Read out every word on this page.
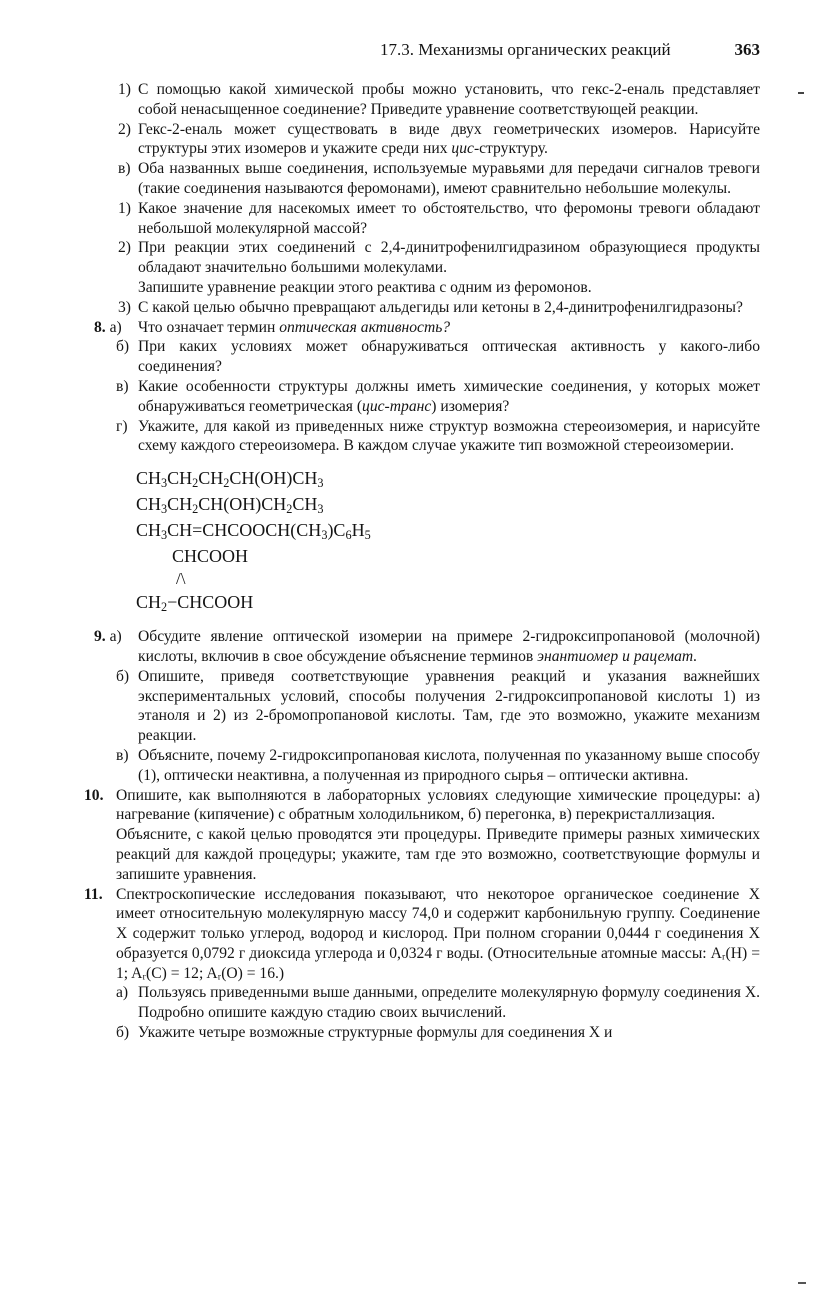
17.3. Механизмы органических реакций	363
1) С помощью какой химической пробы можно установить, что гекс-2-еналь представляет собой ненасыщенное соединение? Приведите уравнение соответствующей реакции.
2) Гекс-2-еналь может существовать в виде двух геометрических изомеров. Нарисуйте структуры этих изомеров и укажите среди них цис-структуру.
в) Оба названных выше соединения, используемые муравьями для передачи сигналов тревоги (такие соединения называются феромонами), имеют сравнительно небольшие молекулы.
1) Какое значение для насекомых имеет то обстоятельство, что феромоны тревоги обладают небольшой молекулярной массой?
2) При реакции этих соединений с 2,4-динитрофенилгидразином образующиеся продукты обладают значительно большими молекулами.
Запишите уравнение реакции этого реактива с одним из феромонов.
3) С какой целью обычно превращают альдегиды или кетоны в 2,4-динитрофенилгидразоны?
8. а) Что означает термин оптическая активность?
б) При каких условиях может обнаруживаться оптическая активность у какого-либо соединения?
в) Какие особенности структуры должны иметь химические соединения, у которых может обнаруживаться геометрическая (цис-транс) изомерия?
г) Укажите, для какой из приведенных ниже структур возможна стереоизомерия, и нарисуйте схему каждого стереоизомера. В каждом случае укажите тип возможной стереоизомерии.
$CH_3CH_2CH_2CH(OH)CH_3$
$CH_3CH_2CH(OH)CH_2CH_3$
$CH_3CH=CHCOOCH(CH_3)C_6H_5$
CHCOOH
/\
$CH_2-CHCOOH$
9. а) Обсудите явление оптической изомерии на примере 2-гидроксипропановой (молочной) кислоты, включив в свое обсуждение объяснение терминов энантиомер и рацемат.
б) Опишите, приведя соответствующие уравнения реакций и указания важнейших экспериментальных условий, способы получения 2-гидроксипропановой кислоты 1) из этаноля и 2) из 2-бромопропановой кислоты. Там, где это возможно, укажите механизм реакции.
в) Объясните, почему 2-гидроксипропановая кислота, полученная по указанному выше способу (1), оптически неактивна, а полученная из природного сырья – оптически активна.
10. Опишите, как выполняются в лабораторных условиях следующие химические процедуры: а) нагревание (кипячение) с обратным холодильником, б) перегонка, в) перекристаллизация.
Объясните, с какой целью проводятся эти процедуры. Приведите примеры разных химических реакций для каждой процедуры; укажите, там где это возможно, соответствующие формулы и запишите уравнения.
11. Спектроскопические исследования показывают, что некоторое органическое соединение X имеет относительную молекулярную массу 74,0 и содержит карбонильную группу. Соединение X содержит только углерод, водород и кислород. При полном сгорании 0,0444 г соединения X образуется 0,0792 г диоксида углерода и 0,0324 г воды. (Относительные атомные массы: Aᵣ(H) = 1; Aᵣ(C) = 12; Aᵣ(O) = 16.)
а) Пользуясь приведенными выше данными, определите молекулярную формулу соединения X. Подробно опишите каждую стадию своих вычислений.
б) Укажите четыре возможные структурные формулы для соединения X и
